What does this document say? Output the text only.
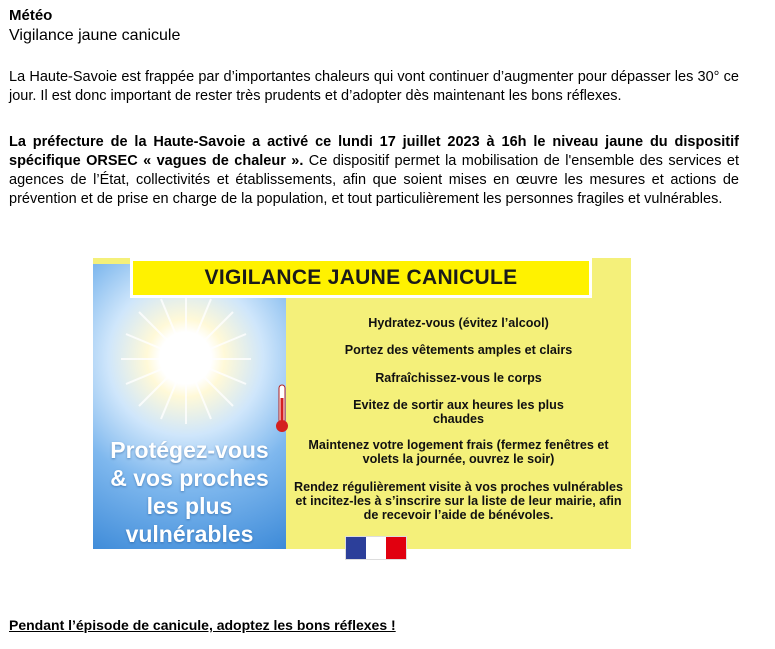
Météo
Vigilance jaune canicule
La Haute-Savoie est frappée par d’importantes chaleurs qui vont continuer d’augmenter pour dépasser les 30° ce jour. Il est donc important de rester très prudents et d’adopter dès maintenant les bons réflexes.
La préfecture de la Haute-Savoie a activé ce lundi 17 juillet 2023 à 16h le niveau jaune du dispositif spécifique ORSEC « vagues de chaleur ». Ce dispositif permet la mobilisation de l'ensemble des services et agences de l’État, collectivités et établissements, afin que soient mises en œuvre les mesures et actions de prévention et de prise en charge de la population, et tout particulièrement les personnes fragiles et vulnérables.
Protégez-vous
& vos proches
les plus
vulnérables
VIGILANCE JAUNE CANICULE
Hydratez-vous (évitez l’alcool)
Portez des vêtements amples et clairs
Rafraîchissez-vous le corps
Evitez de sortir aux heures les plus chaudes
Maintenez votre logement frais (fermez fenêtres et volets la journée, ouvrez le soir)
Rendez régulièrement visite à vos proches vulnérables et incitez-les à s’inscrire sur la liste de leur mairie, afin de recevoir l’aide de bénévoles.
Pendant l’épisode de canicule, adoptez les bons réflexes !
